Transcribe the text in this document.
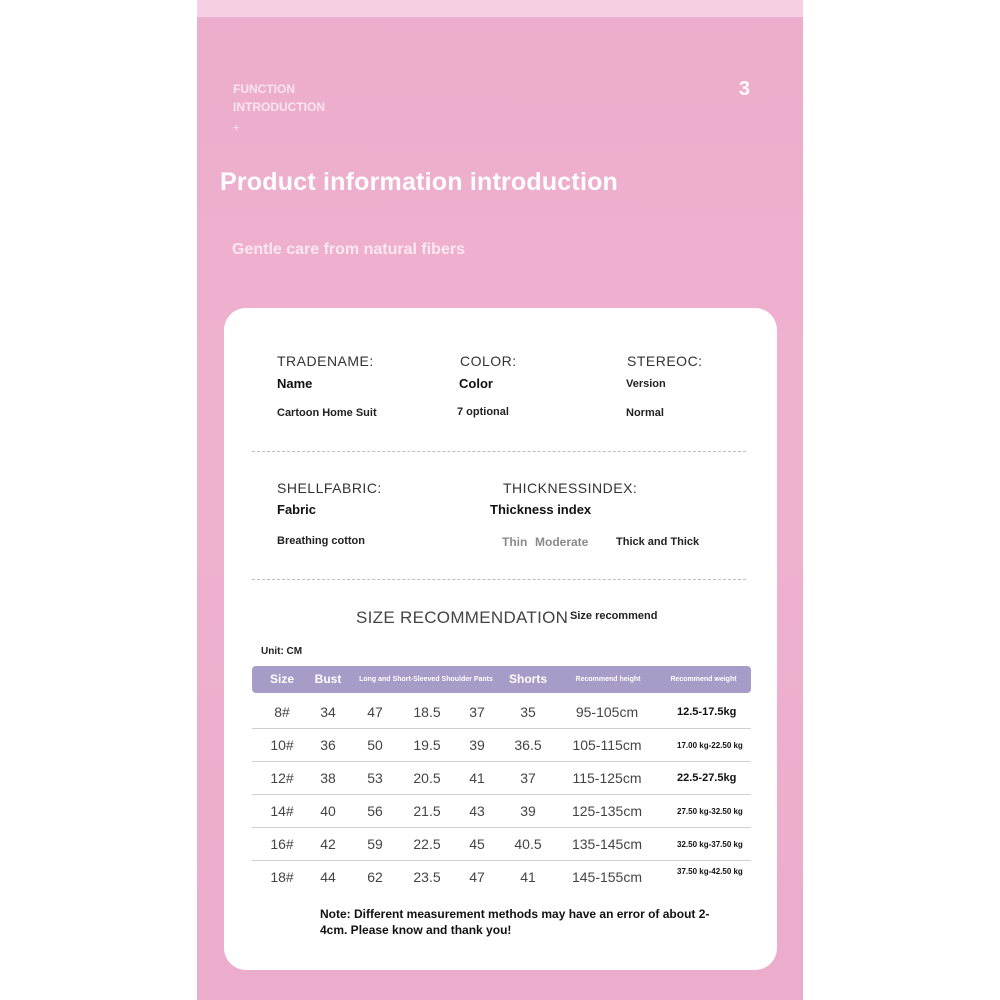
FUNCTION
INTRODUCTION
+
3
Product information introduction
Gentle care from natural fibers
TRADENAME:
Name
Cartoon Home Suit
COLOR:
Color
7 optional
STEREOC:
Version
Normal
SHELLFABRIC:
Fabric
Breathing cotton
THICKNESSINDEX:
Thickness index
Thin Moderate	Thick and Thick
SIZE RECOMMENDATION Size recommend
Unit: CM
Size	Bust	Long and Short-Sleeved Shoulder Pants	Shorts	Recommend height	Recommend weight
8#	34	47	18.5	37	35	95-105cm	12.5-17.5kg
10#	36	50	19.5	39	36.5	105-115cm	17.00 kg-22.50 kg
12#	38	53	20.5	41	37	115-125cm	22.5-27.5kg
14#	40	56	21.5	43	39	125-135cm	27.50 kg-32.50 kg
16#	42	59	22.5	45	40.5	135-145cm	32.50 kg-37.50 kg
18#	44	62	23.5	47	41	145-155cm	37.50 kg-42.50 kg
Note: Different measurement methods may have an error of about 2-4cm. Please know and thank you!
